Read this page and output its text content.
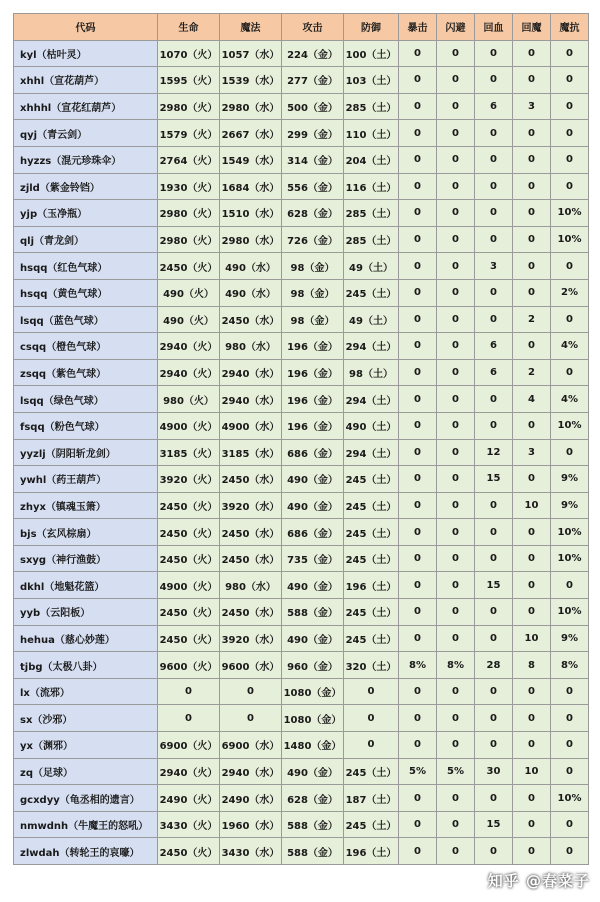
代码	生命	魔法	攻击	防御	暴击	闪避	回血	回魔	魔抗
kyl（枯叶灵）	1070（火）	1057（水）	224（金）	100（土）	0	0	0	0	0
xhhl（宣花葫芦）	1595（火）	1539（水）	277（金）	103（土）	0	0	0	0	0
xhhhl（宣花红葫芦）	2980（火）	2980（水）	500（金）	285（土）	0	0	6	3	0
qyj（青云剑）	1579（火）	2667（水）	299（金）	110（土）	0	0	0	0	0
hyzzs（混元珍珠伞）	2764（火）	1549（水）	314（金）	204（土）	0	0	0	0	0
zjld（紫金铃铛）	1930（火）	1684（水）	556（金）	116（土）	0	0	0	0	0
yjp（玉净瓶）	2980（火）	1510（水）	628（金）	285（土）	0	0	0	0	10%
qlj（青龙剑）	2980（火）	2980（水）	726（金）	285（土）	0	0	0	0	10%
hsqq（红色气球）	2450（火）	490（水）	98（金）	49（土）	0	0	3	0	0
hsqq（黄色气球）	490（火）	490（水）	98（金）	245（土）	0	0	0	0	2%
lsqq（蓝色气球）	490（火）	2450（水）	98（金）	49（土）	0	0	0	2	0
csqq（橙色气球）	2940（火）	980（水）	196（金）	294（土）	0	0	6	0	4%
zsqq（紫色气球）	2940（火）	2940（水）	196（金）	98（土）	0	0	6	2	0
lsqq（绿色气球）	980（火）	2940（水）	196（金）	294（土）	0	0	0	4	4%
fsqq（粉色气球）	4900（火）	4900（水）	196（金）	490（土）	0	0	0	0	10%
yyzlj（阴阳斩龙剑）	3185（火）	3185（水）	686（金）	294（土）	0	0	12	3	0
ywhl（药王葫芦）	3920（火）	2450（水）	490（金）	245（土）	0	0	15	0	9%
zhyx（镇魂玉箫）	2450（火）	3920（水）	490（金）	245（土）	0	0	0	10	9%
bjs（玄风棕扇）	2450（火）	2450（水）	686（金）	245（土）	0	0	0	0	10%
sxyg（神行渔鼓）	2450（火）	2450（水）	735（金）	245（土）	0	0	0	0	10%
dkhl（地魁花篮）	4900（火）	980（水）	490（金）	196（土）	0	0	15	0	0
yyb（云阳板）	2450（火）	2450（水）	588（金）	245（土）	0	0	0	0	10%
hehua（慈心妙莲）	2450（火）	3920（水）	490（金）	245（土）	0	0	0	10	9%
tjbg（太极八卦）	9600（火）	9600（水）	960（金）	320（土）	8%	8%	28	8	8%
lx（流邪）	0	0	1080（金）	0	0	0	0	0	0
sx（沙邪）	0	0	1080（金）	0	0	0	0	0	0
yx（渊邪）	6900（火）	6900（水）	1480（金）	0	0	0	0	0	0
zq（足球）	2940（火）	2940（水）	490（金）	245（土）	5%	5%	30	10	0
gcxdyy（龟丞相的遗言）	2490（火）	2490（水）	628（金）	187（土）	0	0	0	0	10%
nmwdnh（牛魔王的怒吼）	3430（火）	1960（水）	588（金）	245（土）	0	0	15	0	0
zlwdah（转轮王的哀嚎）	2450（火）	3430（水）	588（金）	196（土）	0	0	0	0	0
知乎 @春菜子
